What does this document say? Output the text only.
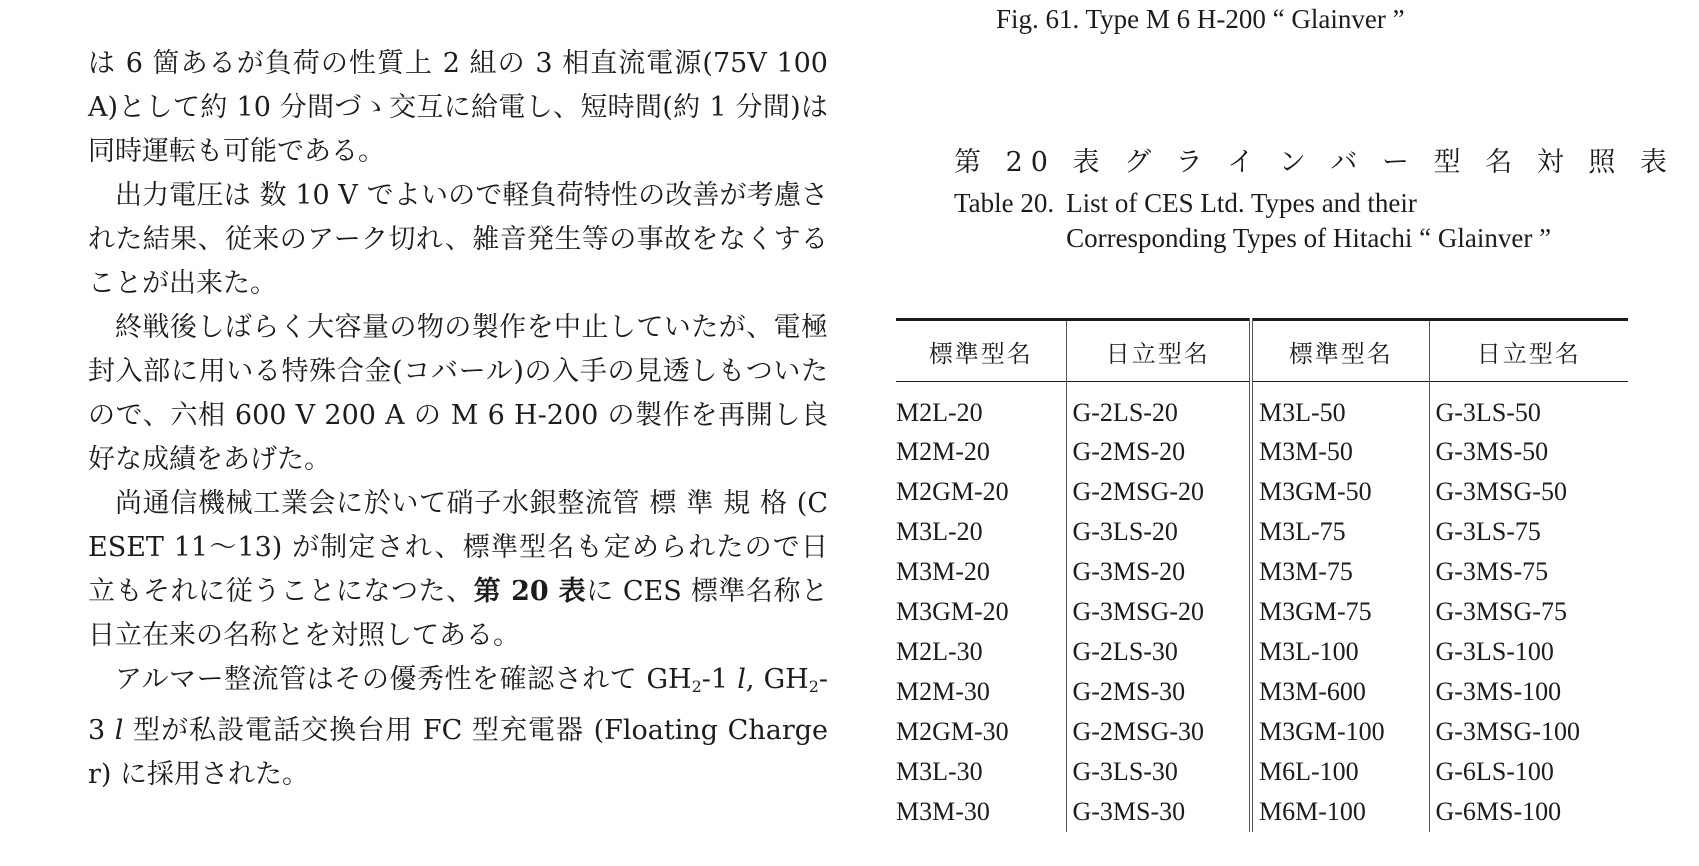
は 6 箇あるが負荷の性質上 2 組の 3 相直流電源(75V 100 A)として約 10 分間づゝ交互に給電し、短時間(約 1 分間)は同時運転も可能である。

出力電圧は 数 10 V でよいので軽負荷特性の改善が考慮された結果、従来のアーク切れ、雑音発生等の事故をなくすることが出来た。

終戦後しばらく大容量の物の製作を中止していたが、電極封入部に用いる特殊合金(コバール)の入手の見透しもついたので、六相 600 V 200 A の M 6 H-200 の製作を再開し良好な成績をあげた。

尚通信機械工業会に於いて硝子水銀整流管 標 準 規 格 (CESET 11～13) が制定され、標準型名も定められたので日立もそれに従うことになつた、第 20 表に CES 標準名称と日立在来の名称とを対照してある。

アルマー整流管はその優秀性を確認されて $GH_2-1$ l, $GH_2-3$ l 型が私設電話交換台用 FC 型充電器 (Floating Charger) に採用された。

Fig. 61. Type M 6 H-200 “ Glainver ”
第 20 表 グ ラ イ ン バ ー 型 名 対 照 表
Table 20. List of CES Ltd. Types and their Corresponding Types of Hitachi “ Glainver ”
標準型名	日立型名	標準型名	日立型名
M2L-20	G-2LS-20	M3L-50	G-3LS-50
M2M-20	G-2MS-20	M3M-50	G-3MS-50
M2GM-20	G-2MSG-20	M3GM-50	G-3MSG-50
M3L-20	G-3LS-20	M3L-75	G-3LS-75
M3M-20	G-3MS-20	M3M-75	G-3MS-75
M3GM-20	G-3MSG-20	M3GM-75	G-3MSG-75
M2L-30	G-2LS-30	M3L-100	G-3LS-100
M2M-30	G-2MS-30	M3M-600	G-3MS-100
M2GM-30	G-2MSG-30	M3GM-100	G-3MSG-100
M3L-30	G-3LS-30	M6L-100	G-6LS-100
M3M-30	G-3MS-30	M6M-100	G-6MS-100
